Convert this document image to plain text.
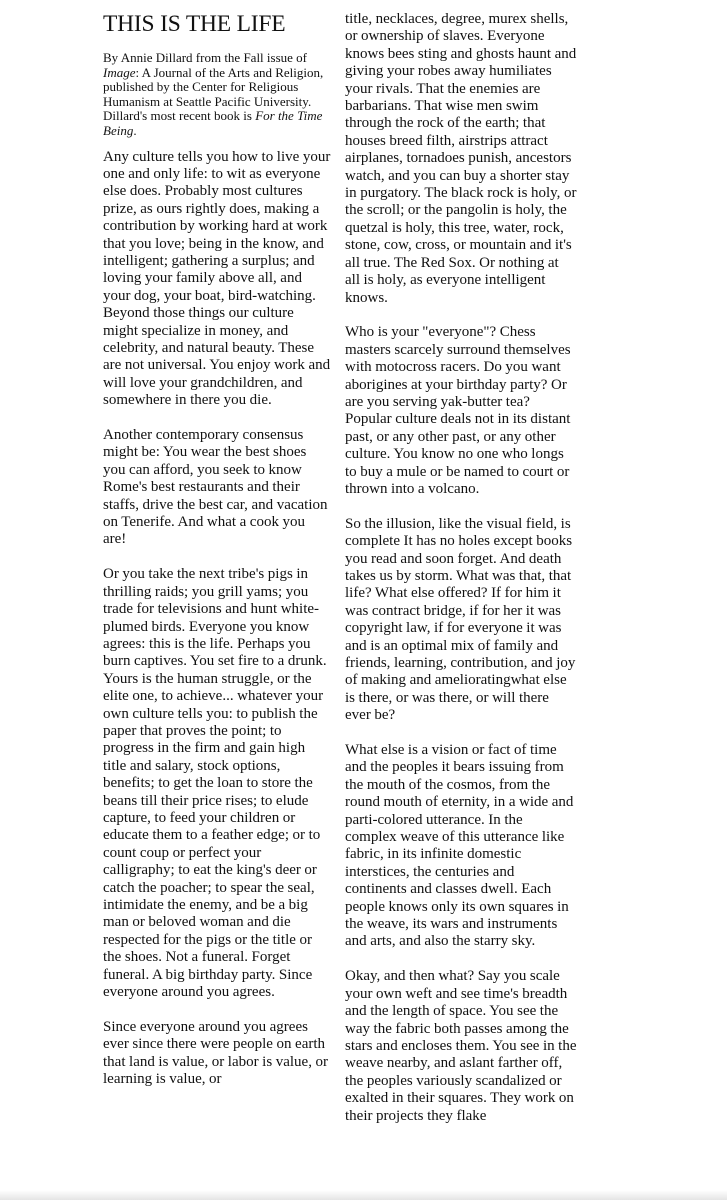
THIS IS THE LIFE
By Annie Dillard from the Fall issue of Image: A Journal of the Arts and Religion, published by the Center for Religious Humanism at Seattle Pacific University. Dillard's most recent book is For the Time Being.

Any culture tells you how to live your one and only life: to wit as everyone else does. Probably most cultures prize, as ours rightly does, making a contribution by working hard at work that you love; being in the know, and intelligent; gathering a surplus; and loving your family above all, and your dog, your boat, bird-watching. Beyond those things our culture might specialize in money, and celebrity, and natural beauty. These are not universal. You enjoy work and will love your grandchildren, and somewhere in there you die.

Another contemporary consensus might be: You wear the best shoes you can afford, you seek to know Rome's best restaurants and their staffs, drive the best car, and vacation on Tenerife. And what a cook you are!

Or you take the next tribe's pigs in thrilling raids; you grill yams; you trade for televisions and hunt white-plumed birds. Everyone you know agrees: this is the life. Perhaps you burn captives. You set fire to a drunk. Yours is the human struggle, or the elite one, to achieve... whatever your own culture tells you: to publish the paper that proves the point; to progress in the firm and gain high title and salary, stock options, benefits; to get the loan to store the beans till their price rises; to elude capture, to feed your children or educate them to a feather edge; or to count coup or perfect your calligraphy; to eat the king's deer or catch the poacher; to spear the seal, intimidate the enemy, and be a big man or beloved woman and die respected for the pigs or the title or the shoes. Not a funeral. Forget funeral. A big birthday party. Since everyone around you agrees.

Since everyone around you agrees ever since there were people on earth that land is value, or labor is value, or learning is value, or

title, necklaces, degree, murex shells, or ownership of slaves. Everyone knows bees sting and ghosts haunt and giving your robes away humiliates your rivals. That the enemies are barbarians. That wise men swim through the rock of the earth; that houses breed filth, airstrips attract airplanes, tornadoes punish, ancestors watch, and you can buy a shorter stay in purgatory. The black rock is holy, or the scroll; or the pangolin is holy, the quetzal is holy, this tree, water, rock, stone, cow, cross, or mountain and it's all true. The Red Sox. Or nothing at all is holy, as everyone intelligent knows.

Who is your "everyone"? Chess masters scarcely surround themselves with motocross racers. Do you want aborigines at your birthday party? Or are you serving yak-butter tea? Popular culture deals not in its distant past, or any other past, or any other culture. You know no one who longs to buy a mule or be named to court or thrown into a volcano.

So the illusion, like the visual field, is complete It has no holes except books you read and soon forget. And death takes us by storm. What was that, that life? What else offered? If for him it was contract bridge, if for her it was copyright law, if for everyone it was and is an optimal mix of family and friends, learning, contribution, and joy of making and amelioratingwhat else is there, or was there, or will there ever be?

What else is a vision or fact of time and the peoples it bears issuing from the mouth of the cosmos, from the round mouth of eternity, in a wide and parti-colored utterance. In the complex weave of this utterance like fabric, in its infinite domestic interstices, the centuries and continents and classes dwell. Each people knows only its own squares in the weave, its wars and instruments and arts, and also the starry sky.

Okay, and then what? Say you scale your own weft and see time's breadth and the length of space. You see the way the fabric both passes among the stars and encloses them. You see in the weave nearby, and aslant farther off, the peoples variously scandalized or exalted in their squares. They work on their projects they flake
